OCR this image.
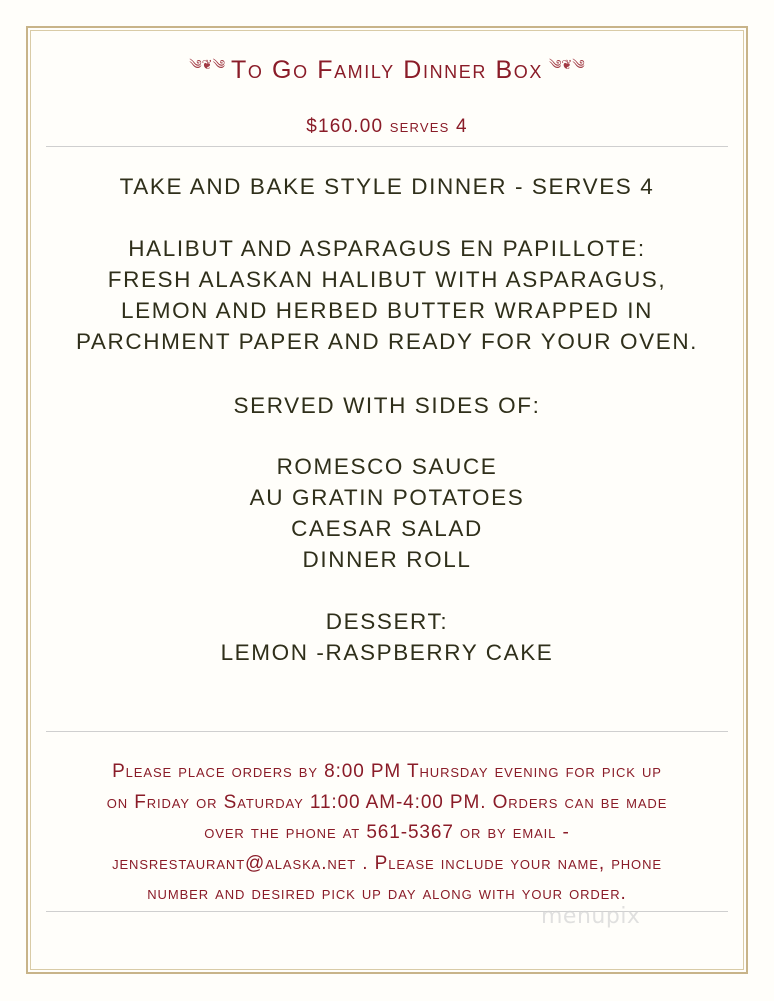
༄❦༄ To Go Family Dinner Box ༄❦༄
$160.00 serves 4
TAKE AND BAKE STYLE DINNER - SERVES 4
HALIBUT AND ASPARAGUS EN PAPILLOTE:
FRESH ALASKAN HALIBUT WITH ASPARAGUS,
LEMON AND HERBED BUTTER WRAPPED IN
PARCHMENT PAPER AND READY FOR YOUR OVEN.
SERVED WITH SIDES OF:
ROMESCO SAUCE
AU GRATIN POTATOES
CAESAR SALAD
DINNER ROLL
DESSERT:
LEMON -RASPBERRY CAKE
Please place orders by 8:00 PM Thursday evening for pick up
on Friday or Saturday 11:00 AM-4:00 PM. Orders can be made
over the phone at 561-5367 or by email -
jensrestaurant@alaska.net . Please include your name, phone
number and desired pick up day along with your order.
menupix
